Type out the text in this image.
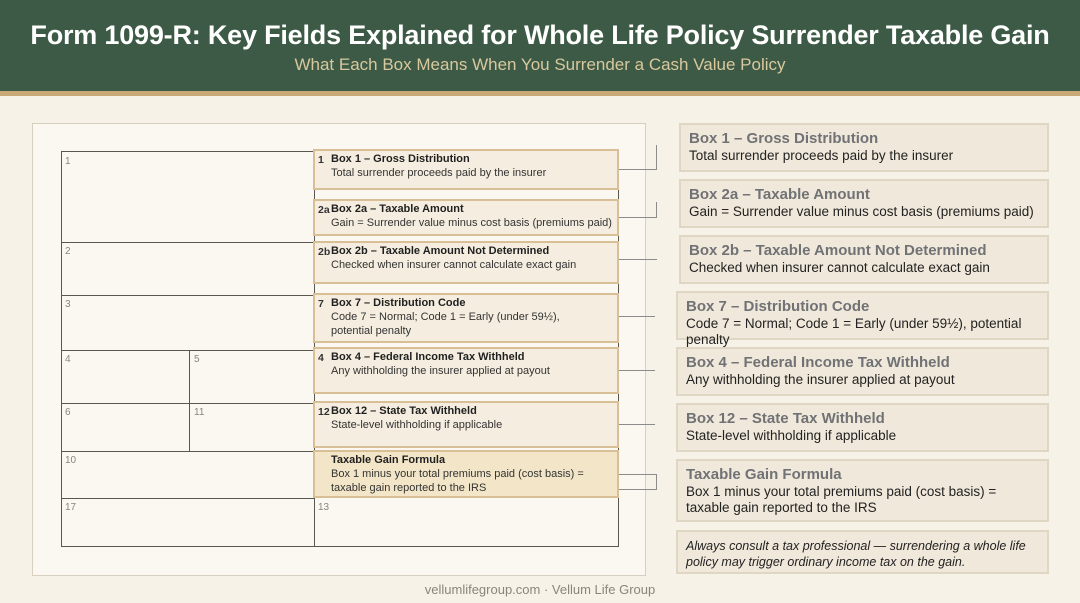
Form 1099-R: Key Fields Explained for Whole Life Policy Surrender Taxable Gain
What Each Box Means When You Surrender a Cash Value Policy
1
2
3
4	5
6	11
10
17	13
1 Box 1 – Gross Distribution
Total surrender proceeds paid by the insurer
2a Box 2a – Taxable Amount
Gain = Surrender value minus cost basis (premiums paid)
2b Box 2b – Taxable Amount Not Determined
Checked when insurer cannot calculate exact gain
7 Box 7 – Distribution Code
Code 7 = Normal; Code 1 = Early (under 59½), potential penalty
4 Box 4 – Federal Income Tax Withheld
Any withholding the insurer applied at payout
12 Box 12 – State Tax Withheld
State-level withholding if applicable
Taxable Gain Formula
Box 1 minus your total premiums paid (cost basis) = taxable gain reported to the IRS
Box 1 – Gross Distribution
Total surrender proceeds paid by the insurer
Box 2a – Taxable Amount
Gain = Surrender value minus cost basis (premiums paid)
Box 2b – Taxable Amount Not Determined
Checked when insurer cannot calculate exact gain
Box 7 – Distribution Code
Code 7 = Normal; Code 1 = Early (under 59½), potential penalty
Box 4 – Federal Income Tax Withheld
Any withholding the insurer applied at payout
Box 12 – State Tax Withheld
State-level withholding if applicable
Taxable Gain Formula
Box 1 minus your total premiums paid (cost basis) = taxable gain reported to the IRS
Always consult a tax professional — surrendering a whole life policy may trigger ordinary income tax on the gain.
vellumlifegroup.com · Vellum Life Group
